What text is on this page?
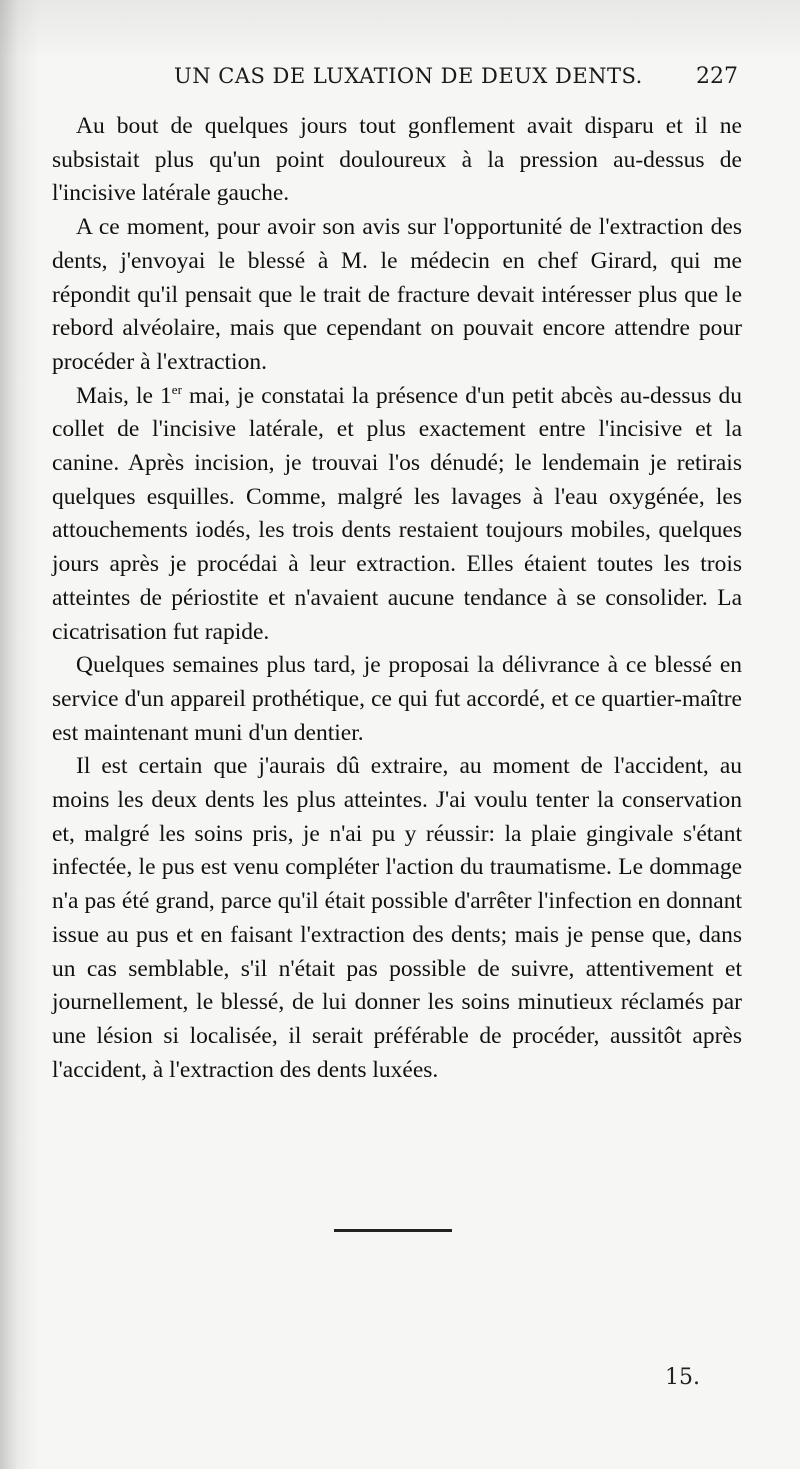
UN CAS DE LUXATION DE DEUX DENTS. 227

Au bout de quelques jours tout gonflement avait disparu et il ne subsistait plus qu'un point douloureux à la pression au-dessus de l'incisive latérale gauche.

A ce moment, pour avoir son avis sur l'opportunité de l'extraction des dents, j'envoyai le blessé à M. le médecin en chef Girard, qui me répondit qu'il pensait que le trait de fracture devait intéresser plus que le rebord alvéolaire, mais que cependant on pouvait encore attendre pour procéder à l'extraction.

Mais, le 1er mai, je constatai la présence d'un petit abcès au-dessus du collet de l'incisive latérale, et plus exactement entre l'incisive et la canine. Après incision, je trouvai l'os dénudé; le lendemain je retirais quelques esquilles. Comme, malgré les lavages à l'eau oxygénée, les attouchements iodés, les trois dents restaient toujours mobiles, quelques jours après je procédai à leur extraction. Elles étaient toutes les trois atteintes de périostite et n'avaient aucune tendance à se consolider. La cicatrisation fut rapide.

Quelques semaines plus tard, je proposai la délivrance à ce blessé en service d'un appareil prothétique, ce qui fut accordé, et ce quartier-maître est maintenant muni d'un dentier.

Il est certain que j'aurais dû extraire, au moment de l'accident, au moins les deux dents les plus atteintes. J'ai voulu tenter la conservation et, malgré les soins pris, je n'ai pu y réussir: la plaie gingivale s'étant infectée, le pus est venu compléter l'action du traumatisme. Le dommage n'a pas été grand, parce qu'il était possible d'arrêter l'infection en donnant issue au pus et en faisant l'extraction des dents; mais je pense que, dans un cas semblable, s'il n'était pas possible de suivre, attentivement et journellement, le blessé, de lui donner les soins minutieux réclamés par une lésion si localisée, il serait préférable de procéder, aussitôt après l'accident, à l'extraction des dents luxées.

15.
